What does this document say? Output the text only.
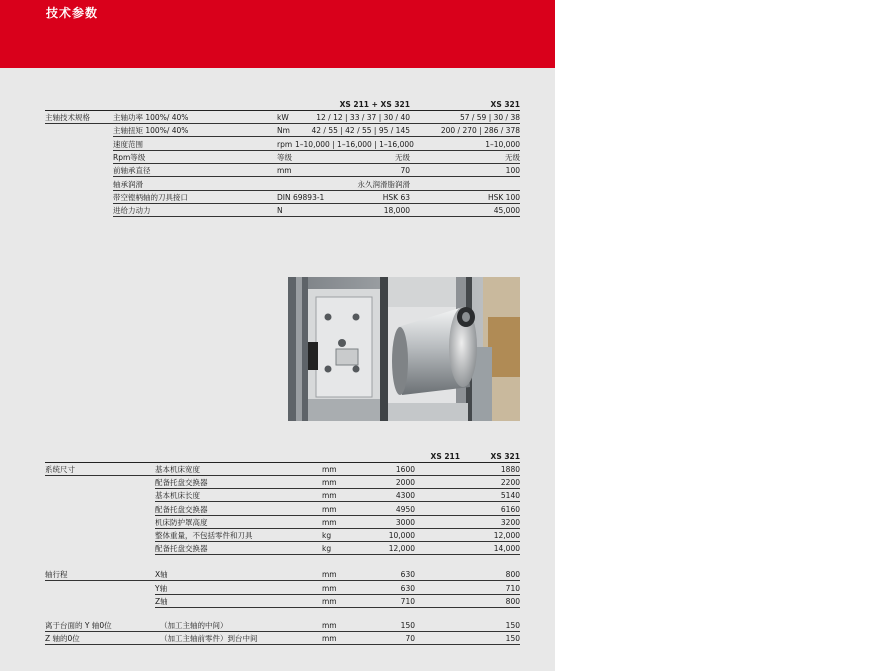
技术参数
XS 211 + XS 321	XS 321
主轴技术规格	主轴功率 100%/ 40%	kW	12 / 12 | 33 / 37 | 30 / 40	57 / 59 | 30 / 38
主轴扭矩 100%/ 40%	Nm	42 / 55 | 42 / 55 | 95 / 145	200 / 270 | 286 / 378
速度范围	rpm 1–10,000 | 1–16,000 | 1–16,000	1–10,000
Rpm等级	等级	无级	无级
前轴承直径	mm	70	100
轴承润滑	永久润滑脂润滑
带空镗柄轴的刀具接口	DIN 69893-1	HSK 63	HSK 100
进给力动力	N	18,000	45,000
XS 211	XS 321
系统尺寸	基本机床宽度	mm	1600	1880
配备托盘交换器	mm	2000	2200
基本机床长度	mm	4300	5140
配备托盘交换器	mm	4950	6160
机床防护罩高度	mm	3000	3200
整体重量，不包括零件和刀具	kg	10,000	12,000
配备托盘交换器	kg	12,000	14,000
轴行程	X轴	mm	630	800
Y轴	mm	630	710
Z轴	mm	710	800
离于台面的 Y 轴0位	（加工主轴的中间）	mm	150	150
Z 轴的0位	（加工主轴前零件）到台中间	mm	70	150
